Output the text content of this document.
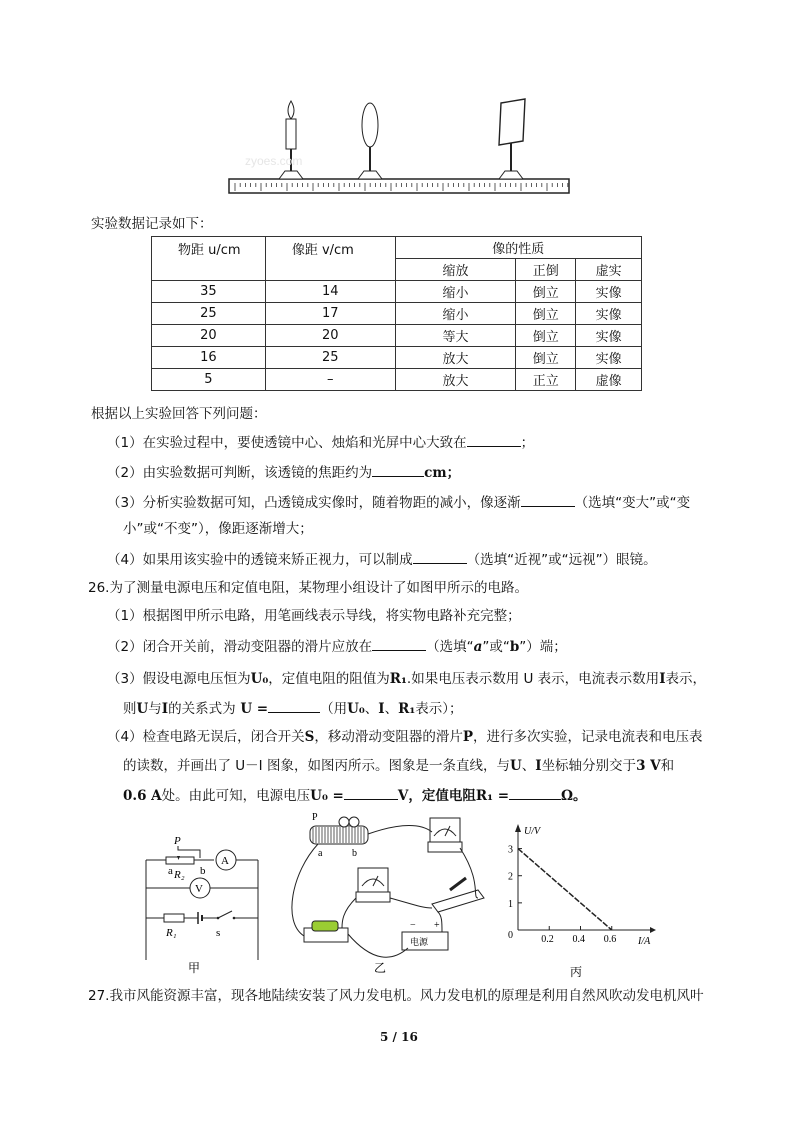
zyoes.com
实验数据记录如下：
物距 u/cm	像距 v/cm	像的性质		
		缩放	正倒	虚实
35	14	缩小	倒立	实像
25	17	缩小	倒立	实像
20	20	等大	倒立	实像
16	25	放大	倒立	实像
5	–	放大	正立	虚像
根据以上实验回答下列问题：
（1）在实验过程中，要使透镜中心、烛焰和光屏中心大致在	；
（2）由实验数据可判断，该透镜的焦距约为	cm；
（3）分析实验数据可知，凸透镜成实像时，随着物距的减小，像逐渐	（选填“变大”或“变
小”或“不变”），像距逐渐增大；
（4）如果用该实验中的透镜来矫正视力，可以制成	（选填“近视”或“远视”）眼镜。
26.为了测量电源电压和定值电阻，某物理小组设计了如图甲所示的电路。
（1）根据图甲所示电路，用笔画线表示导线，将实物电路补充完整；
（2）闭合开关前，滑动变阻器的滑片应放在	（选填“a”或“b”）端；
（3）假设电源电压恒为U₀，定值电阻的阻值为R₁.如果电压表示数用 U 表示，电流表示数用I表示，
则U与I的关系式为 U =	（用U₀、I、R₁表示）；
（4）检查电路无误后，闭合开关S，移动滑动变阻器的滑片P，进行多次实验，记录电流表和电压表
的读数，并画出了 U－I 图象，如图丙所示。图象是一条直线，与U、I坐标轴分别交于3 V和
0.6 A处。由此可知，电源电压U₀ =	V，定值电阻R₁ =	Ω。
P
a b
R₂
A
V
R₁	s
甲
P
a	b
− +
电源
乙
U/V
I/A
0
1
2
3
0.2 0.4 0.6
丙
27.我市风能资源丰富，现各地陆续安装了风力发电机。风力发电机的原理是利用自然风吹动发电机风叶
5 / 16
